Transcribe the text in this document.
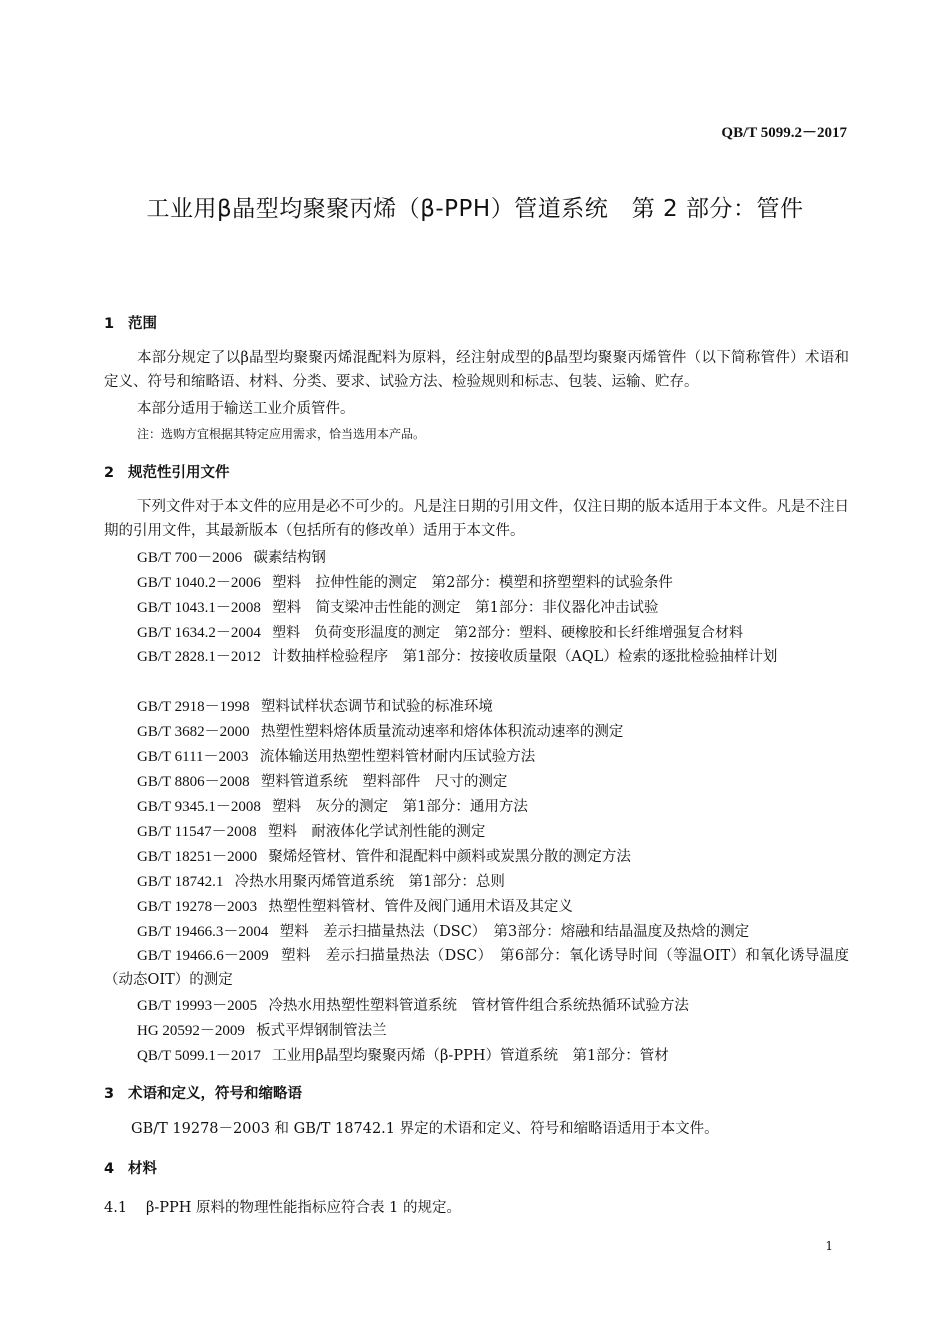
QB/T 5099.2－2017
工业用β晶型均聚聚丙烯（β-PPH）管道系统　第 2 部分：管件
1 范围
本部分规定了以β晶型均聚聚丙烯混配料为原料，经注射成型的β晶型均聚聚丙烯管件（以下简称管件）术语和定义、符号和缩略语、材料、分类、要求、试验方法、检验规则和标志、包装、运输、贮存。
本部分适用于输送工业介质管件。
注：选购方宜根据其特定应用需求，恰当选用本产品。
2 规范性引用文件
下列文件对于本文件的应用是必不可少的。凡是注日期的引用文件，仅注日期的版本适用于本文件。凡是不注日期的引用文件，其最新版本（包括所有的修改单）适用于本文件。
GB/T 700－2006 碳素结构钢
GB/T 1040.2－2006 塑料　拉伸性能的测定　第2部分：模塑和挤塑塑料的试验条件
GB/T 1043.1－2008 塑料　简支梁冲击性能的测定　第1部分：非仪器化冲击试验
GB/T 1634.2－2004 塑料　负荷变形温度的测定　第2部分：塑料、硬橡胶和长纤维增强复合材料
GB/T 2828.1－2012 计数抽样检验程序　第1部分：按接收质量限（AQL）检索的逐批检验抽样计划
GB/T 2918－1998 塑料试样状态调节和试验的标准环境
GB/T 3682－2000 热塑性塑料熔体质量流动速率和熔体体积流动速率的测定
GB/T 6111－2003 流体输送用热塑性塑料管材耐内压试验方法
GB/T 8806－2008 塑料管道系统　塑料部件　尺寸的测定
GB/T 9345.1－2008 塑料　灰分的测定　第1部分：通用方法
GB/T 11547－2008 塑料　耐液体化学试剂性能的测定
GB/T 18251－2000 聚烯烃管材、管件和混配料中颜料或炭黑分散的测定方法
GB/T 18742.1 冷热水用聚丙烯管道系统　第1部分：总则
GB/T 19278－2003 热塑性塑料管材、管件及阀门通用术语及其定义
GB/T 19466.3－2004 塑料　差示扫描量热法（DSC）　第3部分：熔融和结晶温度及热焓的测定
GB/T 19466.6－2009 塑料　差示扫描量热法（DSC）　第6部分：氧化诱导时间（等温OIT）和氧化诱导温度（动态OIT）的测定
GB/T 19993－2005 冷热水用热塑性塑料管道系统　管材管件组合系统热循环试验方法
HG 20592－2009 板式平焊钢制管法兰
QB/T 5099.1－2017 工业用β晶型均聚聚丙烯（β-PPH）管道系统　第1部分：管材
3 术语和定义，符号和缩略语
GB/T 19278－2003 和 GB/T 18742.1 界定的术语和定义、符号和缩略语适用于本文件。
4 材料
4.1 β-PPH 原料的物理性能指标应符合表 1 的规定。
1
